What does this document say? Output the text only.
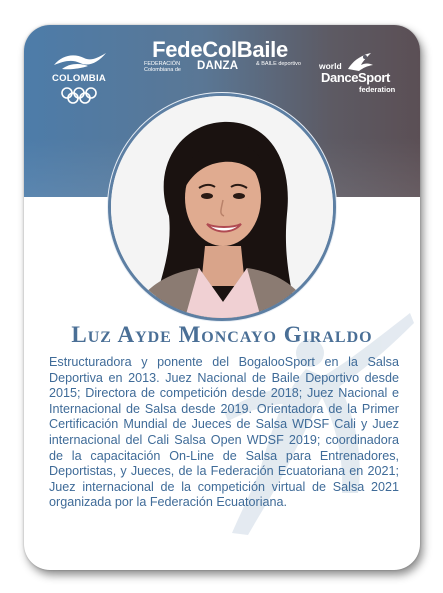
COLOMBIA
FedeColBaile
FEDERACIÓN Colombiana de	DANZA	& BAILE deportivo	world
DanceSport
federation
Luz Ayde Moncayo Giraldo
Estructuradora y ponente del BogalooSport en la Salsa Deportiva en 2013. Juez Nacional de Baile Deportivo desde 2015; Directora de competición desde 2018; Juez Nacional e Internacional de Salsa desde 2019. Orientadora de la Primer Certificación Mundial de Jueces de Salsa WDSF Cali y Juez internacional del Cali Salsa Open WDSF 2019; coordinadora de la capacitación On-Line de Salsa para Entrenadores, Deportistas, y Jueces, de la Federación Ecuatoriana en 2021; Juez internacional de la competición virtual de Salsa 2021 organizada por la Federación Ecuatoriana.
